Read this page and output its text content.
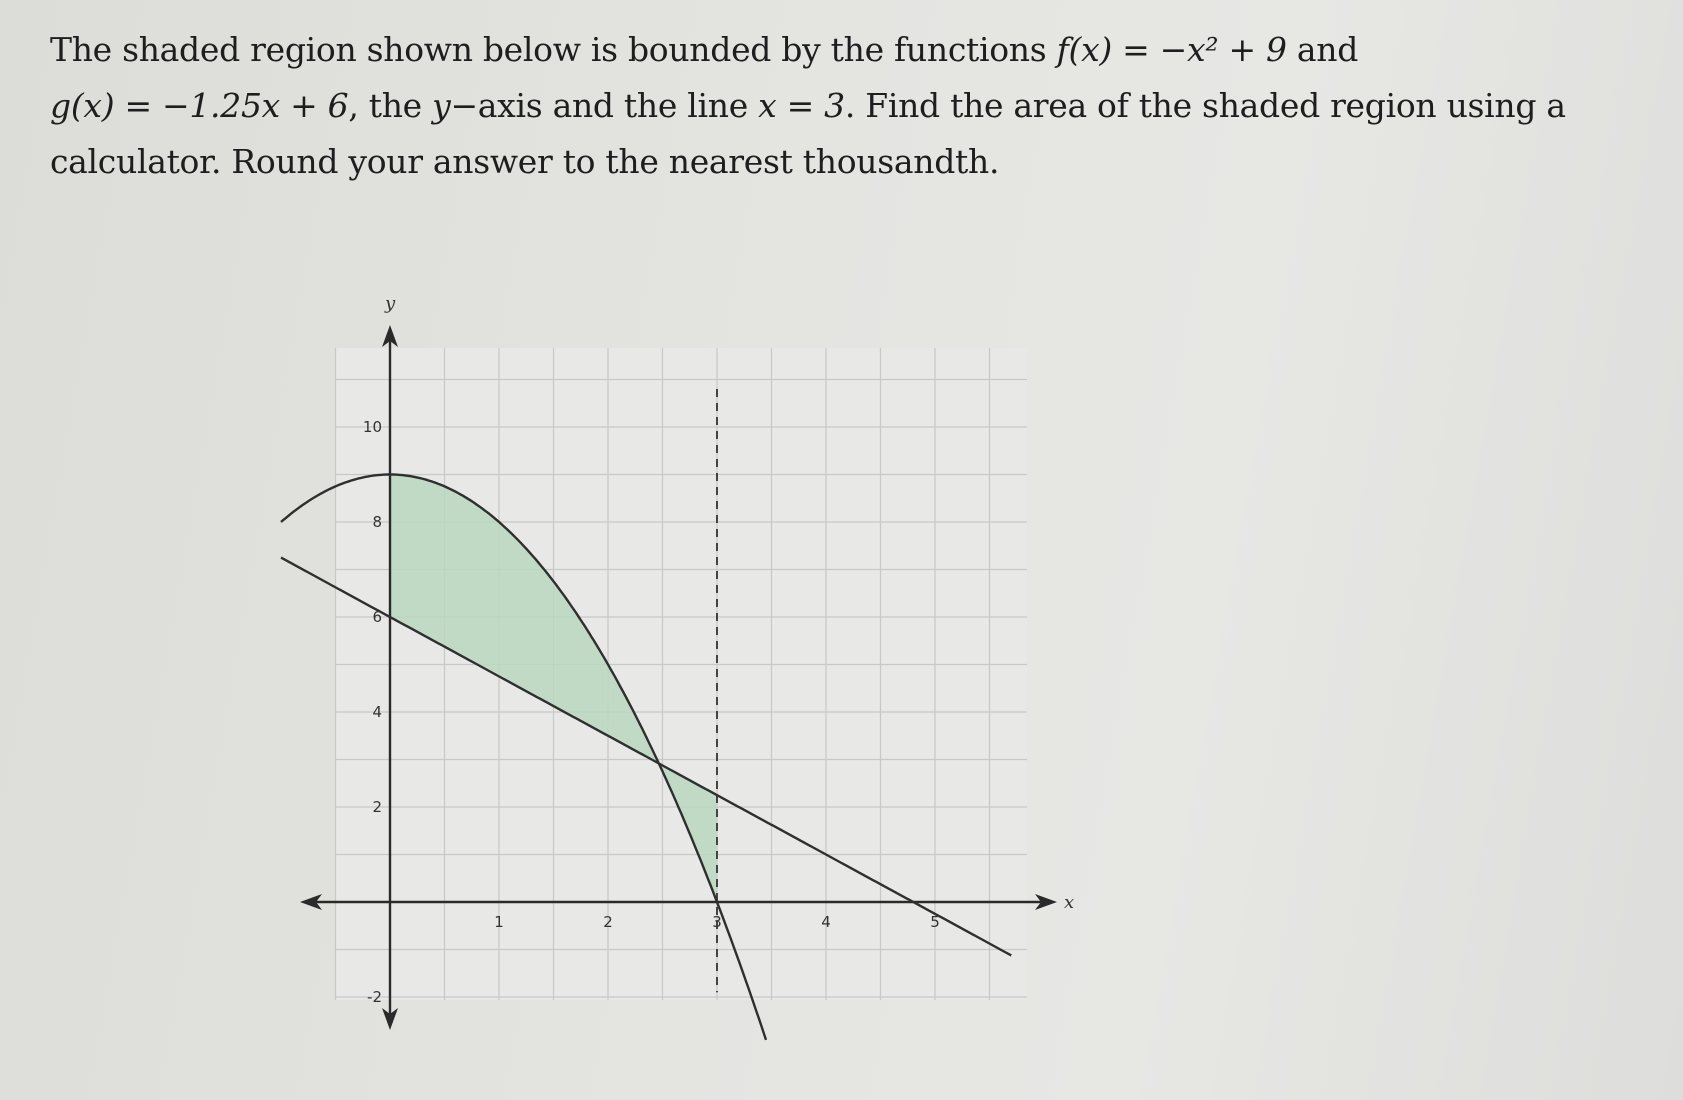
The shaded region shown below is bounded by the functions f(x) = −x² + 9 and
g(x) = −1.25x + 6, the y−axis and the line x = 3. Find the area of the shaded region using a
calculator. Round your answer to the nearest thousandth.
1	2	3	4	5
10
8
6
4
2
-2
x
y
